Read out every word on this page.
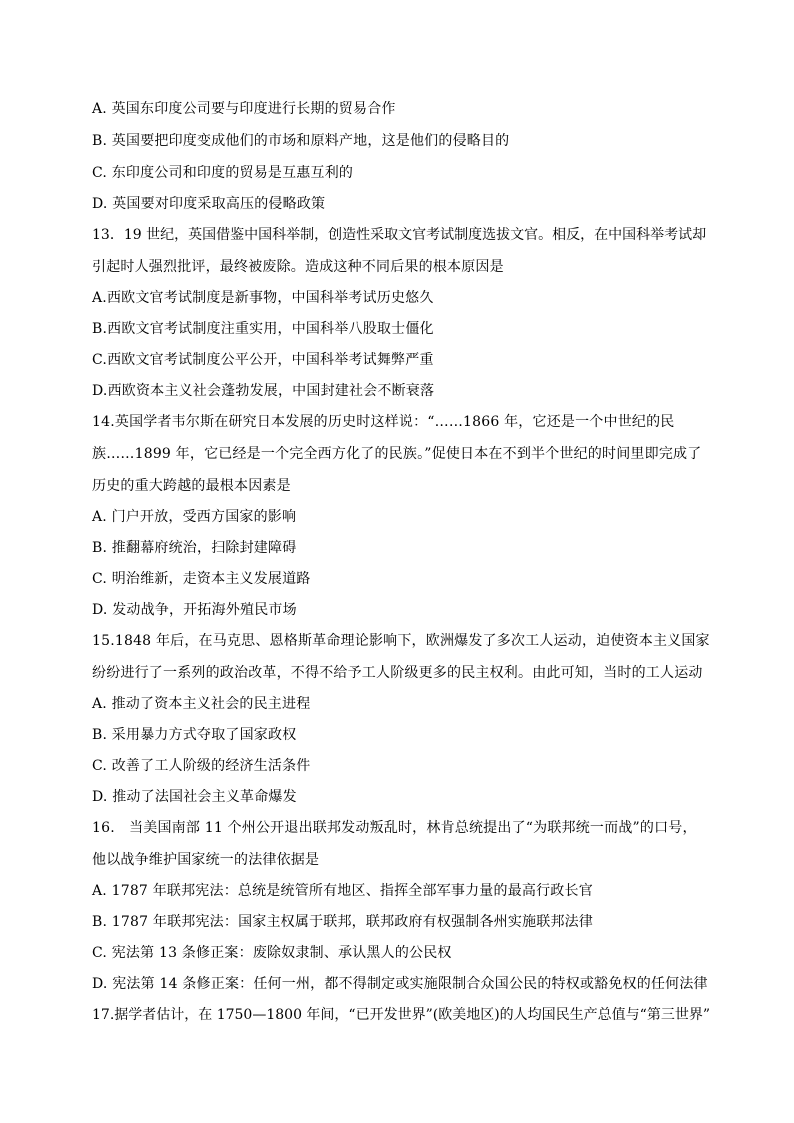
A. 英国东印度公司要与印度进行长期的贸易合作
B. 英国要把印度变成他们的市场和原料产地，这是他们的侵略目的
C. 东印度公司和印度的贸易是互惠互利的
D. 英国要对印度采取高压的侵略政策
13．19 世纪，英国借鉴中国科举制，创造性采取文官考试制度选拔文官。相反，在中国科举考试却
引起时人强烈批评，最终被废除。造成这种不同后果的根本原因是
A.西欧文官考试制度是新事物，中国科举考试历史悠久
B.西欧文官考试制度注重实用，中国科举八股取士僵化
C.西欧文官考试制度公平公开，中国科举考试舞弊严重
D.西欧资本主义社会蓬勃发展，中国封建社会不断衰落
14.英国学者韦尔斯在研究日本发展的历史时这样说：“……1866 年，它还是一个中世纪的民
族……1899 年，它已经是一个完全西方化了的民族。”促使日本在不到半个世纪的时间里即完成了
历史的重大跨越的最根本因素是
A. 门户开放，受西方国家的影响
B. 推翻幕府统治，扫除封建障碍
C. 明治维新，走资本主义发展道路
D. 发动战争，开拓海外殖民市场
15.1848 年后，在马克思、恩格斯革命理论影响下，欧洲爆发了多次工人运动，迫使资本主义国家
纷纷进行了一系列的政治改革，不得不给予工人阶级更多的民主权利。由此可知，当时的工人运动
A. 推动了资本主义社会的民主进程
B. 采用暴力方式夺取了国家政权
C. 改善了工人阶级的经济生活条件
D. 推动了法国社会主义革命爆发
16.　当美国南部 11 个州公开退出联邦发动叛乱时，林肯总统提出了“为联邦统一而战”的口号，
他以战争维护国家统一的法律依据是
A. 1787 年联邦宪法：总统是统管所有地区、指挥全部军事力量的最高行政长官
B. 1787 年联邦宪法：国家主权属于联邦，联邦政府有权强制各州实施联邦法律
C. 宪法第 13 条修正案：废除奴隶制、承认黑人的公民权
D. 宪法第 14 条修正案：任何一州，都不得制定或实施限制合众国公民的特权或豁免权的任何法律
17.据学者估计，在 1750—1800 年间，“已开发世界”(欧美地区)的人均国民生产总值与“第三世界”
